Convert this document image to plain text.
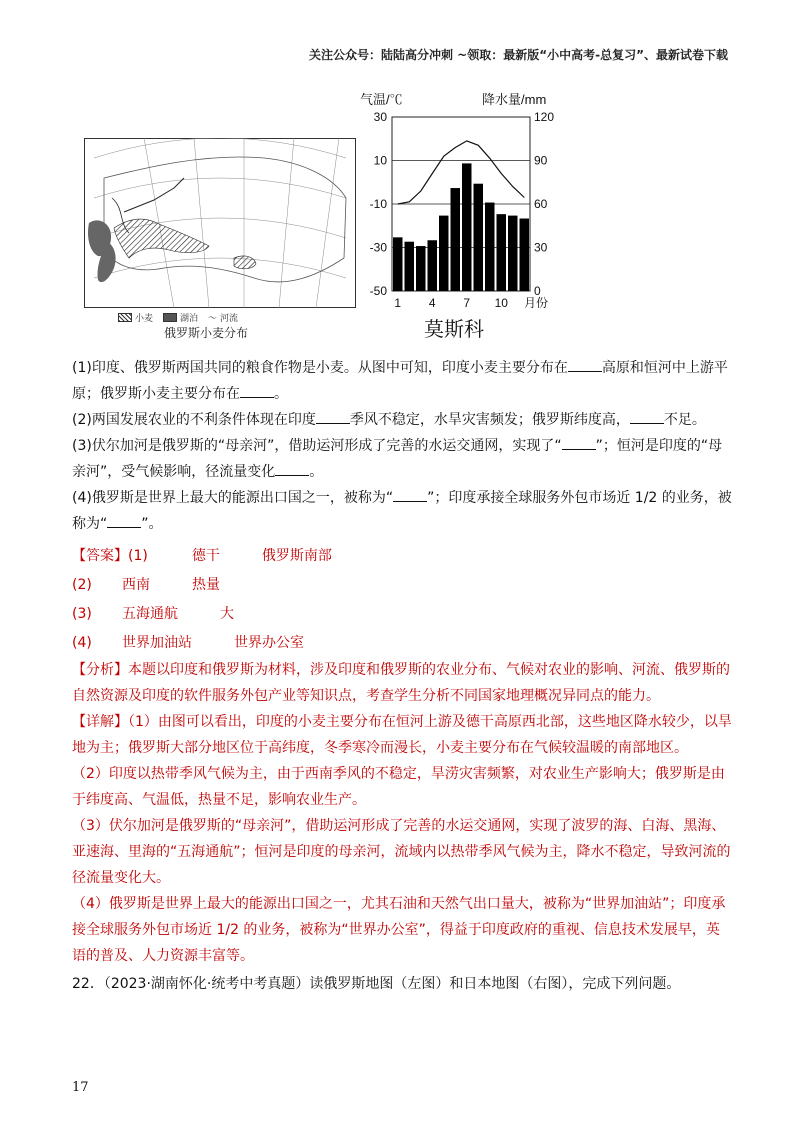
关注公众号：陆陆高分冲刺 ~领取：最新版“小中高考-总复习”、最新试卷下载
小麦	湖泊 〜 河流
俄罗斯小麦分布
气温/℃	降水量/mm
30
10
-10
-30
-50
120
90
60
30
0
1 4 7 10 月份
莫斯科

(1)印度、俄罗斯两国共同的粮食作物是小麦。从图中可知，印度小麦主要分布在 高原和恒河中上游平原；俄罗斯小麦主要分布在 。

(2)两国发展农业的不利条件体现在印度 季风不稳定，水旱灾害频发；俄罗斯纬度高， 不足。

(3)伏尔加河是俄罗斯的“母亲河”，借助运河形成了完善的水运交通网，实现了“ ”；恒河是印度的“母亲河”，受气候影响，径流量变化 。

(4)俄罗斯是世界上最大的能源出口国之一，被称为“ ”；印度承接全球服务外包市场近 1/2 的业务，被称为“ ”。

【答案】 (1)	德干	俄罗斯南部
(2)	西南	热量
(3)	五海通航	大
(4)	世界加油站	世界办公室

【分析】本题以印度和俄罗斯为材料，涉及印度和俄罗斯的农业分布、气候对农业的影响、河流、俄罗斯的自然资源及印度的软件服务外包产业等知识点，考查学生分析不同国家地理概况异同点的能力。

【详解】（1）由图可以看出，印度的小麦主要分布在恒河上游及德干高原西北部，这些地区降水较少，以旱地为主；俄罗斯大部分地区位于高纬度，冬季寒冷而漫长，小麦主要分布在气候较温暖的南部地区。

（2）印度以热带季风气候为主，由于西南季风的不稳定，旱涝灾害频繁，对农业生产影响大；俄罗斯是由于纬度高、气温低，热量不足，影响农业生产。

（3）伏尔加河是俄罗斯的“母亲河”，借助运河形成了完善的水运交通网，实现了波罗的海、白海、黑海、亚速海、里海的“五海通航”；恒河是印度的母亲河，流域内以热带季风气候为主，降水不稳定，导致河流的径流量变化大。

（4）俄罗斯是世界上最大的能源出口国之一，尤其石油和天然气出口量大，被称为“世界加油站”；印度承接全球服务外包市场近 1/2 的业务，被称为“世界办公室”，得益于印度政府的重视、信息技术发展早，英语的普及、人力资源丰富等。

22．（2023·湖南怀化·统考中考真题）读俄罗斯地图（左图）和日本地图（右图），完成下列问题。

17
